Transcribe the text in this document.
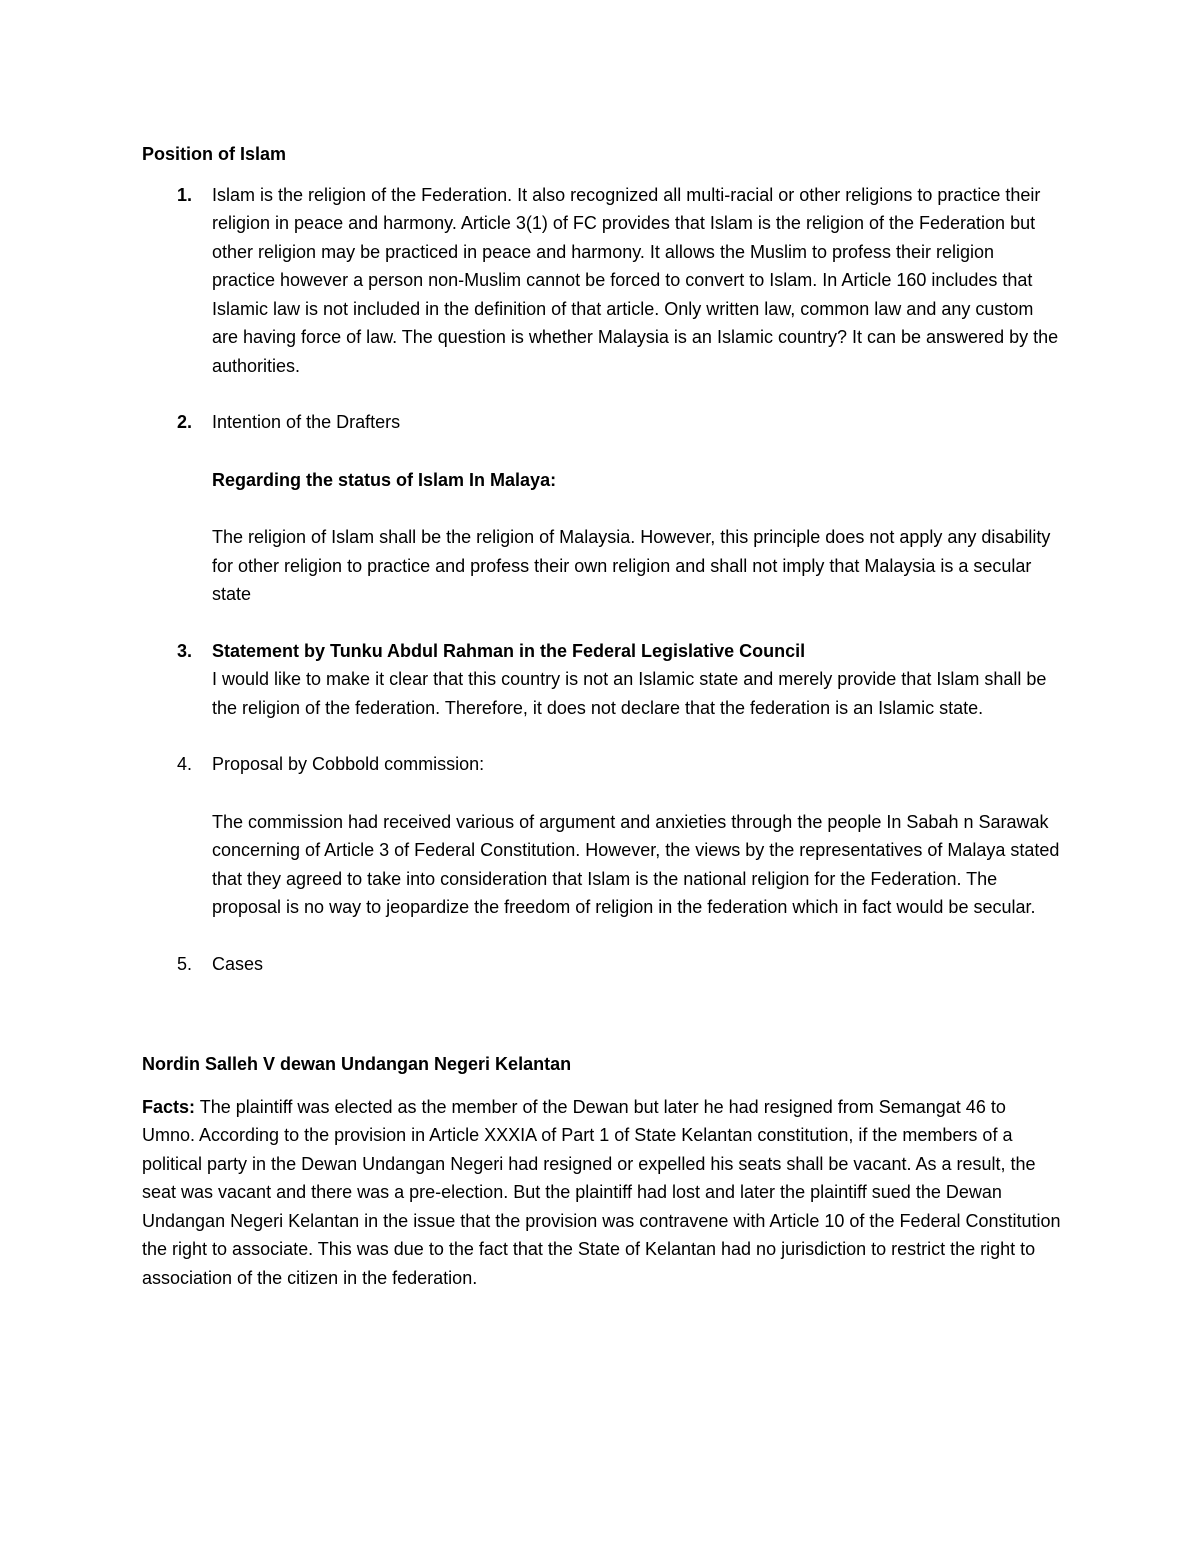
Position of Islam

1. Islam is the religion of the Federation. It also recognized all multi-racial or other religions to practice their religion in peace and harmony. Article 3(1) of FC provides that Islam is the religion of the Federation but other religion may be practiced in peace and harmony. It allows the Muslim to profess their religion practice however a person non-Muslim cannot be forced to convert to Islam. In Article 160 includes that Islamic law is not included in the definition of that article. Only written law, common law and any custom are having force of law. The question is whether Malaysia is an Islamic country? It can be answered by the authorities.

2. Intention of the Drafters

Regarding the status of Islam In Malaya:

The religion of Islam shall be the religion of Malaysia. However, this principle does not apply any disability for other religion to practice and profess their own religion and shall not imply that Malaysia is a secular state

3. Statement by Tunku Abdul Rahman in the Federal Legislative Council

I would like to make it clear that this country is not an Islamic state and merely provide that Islam shall be the religion of the federation. Therefore, it does not declare that the federation is an Islamic state.

4. Proposal by Cobbold commission:

The commission had received various of argument and anxieties through the people In Sabah n Sarawak concerning of Article 3 of Federal Constitution. However, the views by the representatives of Malaya stated that they agreed to take into consideration that Islam is the national religion for the Federation. The proposal is no way to jeopardize the freedom of religion in the federation which in fact would be secular.

5. Cases

Nordin Salleh V dewan Undangan Negeri Kelantan

Facts: The plaintiff was elected as the member of the Dewan but later he had resigned from Semangat 46 to Umno. According to the provision in Article XXXIA of Part 1 of State Kelantan constitution, if the members of a political party in the Dewan Undangan Negeri had resigned or expelled his seats shall be vacant. As a result, the seat was vacant and there was a pre-election. But the plaintiff had lost and later the plaintiff sued the Dewan Undangan Negeri Kelantan in the issue that the provision was contravene with Article 10 of the Federal Constitution the right to associate. This was due to the fact that the State of Kelantan had no jurisdiction to restrict the right to association of the citizen in the federation.
